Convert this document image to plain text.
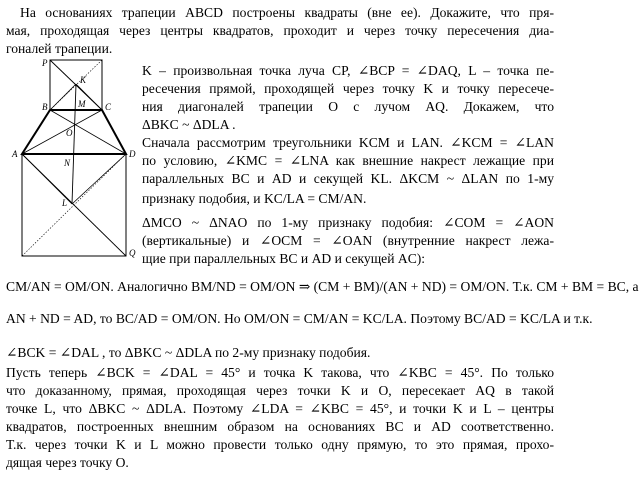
P
K
B	M C
O
A	D
N
L
Q
На основаниях трапеции ABCD построены квадраты (вне ее). Докажите, что пря-
мая, проходящая через центры квадратов, проходит и через точку пересечения диа-
гоналей трапеции.
K – произвольная точка луча CP, ∠BCP = ∠DAQ, L – точка пе-
ресечения прямой, проходящей через точку K и точку пересече-
ния диагоналей трапеции O с лучом AQ. Докажем, что
ΔBKC ~ ΔDLA .
Сначала рассмотрим треугольники KCM и LAN. ∠KCM = ∠LAN
по условию, ∠KMC = ∠LNA как внешние накрест лежащие при
параллельных BC и AD и секущей KL. ΔKCM ~ ΔLAN по 1-му
признаку подобия, и KC/LA = CM/AN.
ΔMCO ~ ΔNAO по 1-му признаку подобия: ∠COM = ∠AON
(вертикальные) и ∠OCM = ∠OAN (внутренние накрест лежа-
щие при параллельных BC и AD и секущей AC):
CM/AN = OM/ON. Аналогично BM/ND = OM/ON ⇒ (CM + BM)/(AN + ND) = OM/ON. Т.к. CM + BM = BC, а
AN + ND = AD, то BC/AD = OM/ON. Но OM/ON = CM/AN = KC/LA. Поэтому BC/AD = KC/LA и т.к.
∠BCK = ∠DAL , то ΔBKC ~ ΔDLA по 2-му признаку подобия.
Пусть теперь ∠BCK = ∠DAL = 45° и точка K такова, что ∠KBC = 45°. По только
что доказанному, прямая, проходящая через точки K и O, пересекает AQ в такой
точке L, что ΔBKC ~ ΔDLA. Поэтому ∠LDA = ∠KBC = 45°, и точки K и L – центры
квадратов, построенных внешним образом на основаниях BC и AD соответственно.
Т.к. через точки K и L можно провести только одну прямую, то это прямая, прохо-
дящая через точку O.
